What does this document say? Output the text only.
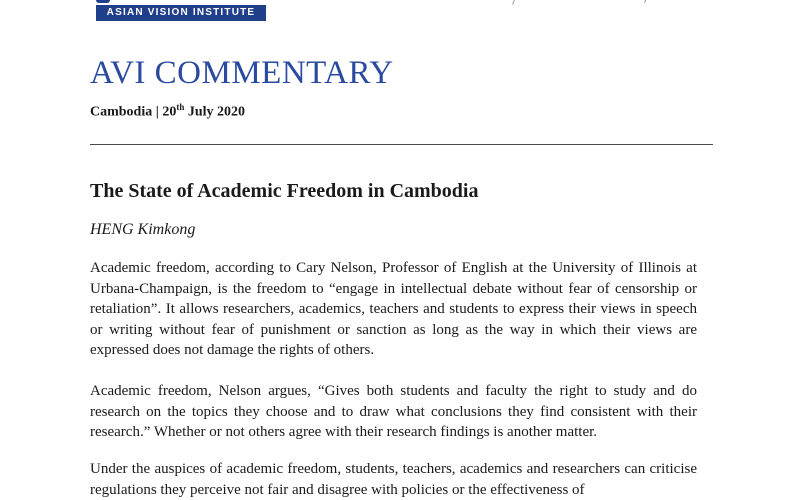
ASIAN VISION INSTITUTE
AVI COMMENTARY
Cambodia | 20th July 2020
The State of Academic Freedom in Cambodia
HENG Kimkong

Academic freedom, according to Cary Nelson, Professor of English at the University of Illinois at Urbana-Champaign, is the freedom to “engage in intellectual debate without fear of censorship or retaliation”. It allows researchers, academics, teachers and students to express their views in speech or writing without fear of punishment or sanction as long as the way in which their views are expressed does not damage the rights of others.

Academic freedom, Nelson argues, “Gives both students and faculty the right to study and do research on the topics they choose and to draw what conclusions they find consistent with their research.” Whether or not others agree with their research findings is another matter.

Under the auspices of academic freedom, students, teachers, academics and researchers can criticise regulations they perceive not fair and disagree with policies or the effectiveness of
